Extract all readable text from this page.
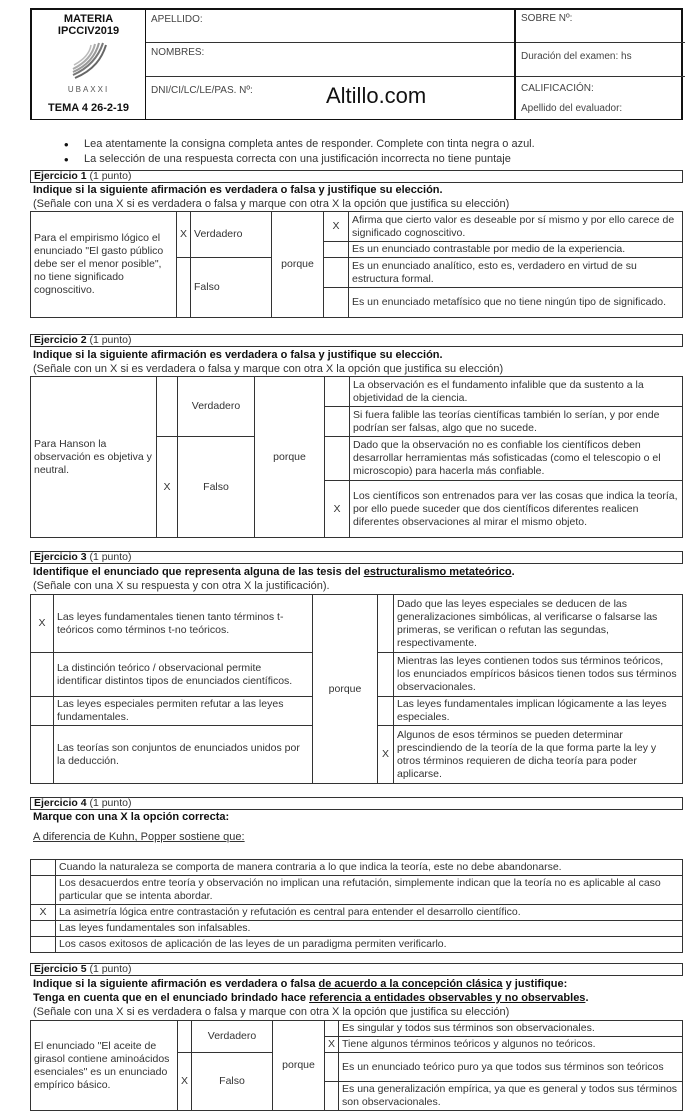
MATERIA
IPCCIV2019
UBAXXI
TEMA 4 26-2-19
APELLIDO:
NOMBRES:
DNI/CI/LC/LE/PAS. Nº:	Altillo.com
SOBRE Nº:
Duración del examen: hs
CALIFICACIÓN:
Apellido del evaluador:
• Lea atentamente la consigna completa antes de responder. Complete con tinta negra o azul.
• La selección de una respuesta correcta con una justificación incorrecta no tiene puntaje
Ejercicio 1 (1 punto)
Indique si la siguiente afirmación es verdadera o falsa y justifique su elección.
(Señale con una X si es verdadera o falsa y marque con otra X la opción que justifica su elección)
Para el empirismo lógico el enunciado "El gasto público debe ser el menor posible", no tiene significado cognoscitivo.	X	Verdadero	porque	X	Afirma que cierto valor es deseable por sí mismo y por ello carece de significado cognoscitivo.
					Es un enunciado contrastable por medio de la experiencia.
		Falso			Es un enunciado analítico, esto es, verdadero en virtud de su estructura formal.
					Es un enunciado metafísico que no tiene ningún tipo de significado.
Ejercicio 2 (1 punto)
Indique si la siguiente afirmación es verdadera o falsa y justifique su elección.
(Señale con un X si es verdadera o falsa y marque con otra X la opción que justifica su elección)
Para Hanson la observación es objetiva y neutral.		Verdadero	porque		La observación es el fundamento infalible que da sustento a la objetividad de la ciencia.
					Si fuera falible las teorías científicas también lo serían, y por ende podrían ser falsas, algo que no sucede.
	X	Falso			Dado que la observación no es confiable los científicos deben desarrollar herramientas más sofisticadas (como el telescopio o el microscopio) para hacerla más confiable.
				X	Los científicos son entrenados para ver las cosas que indica la teoría, por ello puede suceder que dos científicos diferentes realicen diferentes observaciones al mirar el mismo objeto.
Ejercicio 3 (1 punto)
Identifique el enunciado que representa alguna de las tesis del estructuralismo metateórico.
(Señale con una X su respuesta y con otra X la justificación).
X	Las leyes fundamentales tienen tanto términos t-teóricos como términos t-no teóricos.	porque		Dado que las leyes especiales se deducen de las generalizaciones simbólicas, al verificarse o falsarse las primeras, se verifican o refutan las segundas, respectivamente.
	La distinción teórico / observacional permite identificar distintos tipos de enunciados científicos.			Mientras las leyes contienen todos sus términos teóricos, los enunciados empíricos básicos tienen todos sus términos observacionales.
	Las leyes especiales permiten refutar a las leyes fundamentales.			Las leyes fundamentales implican lógicamente a las leyes especiales.
	Las teorías son conjuntos de enunciados unidos por la deducción.		X	Algunos de esos términos se pueden determinar prescindiendo de la teoría de la que forma parte la ley y otros términos requieren de dicha teoría para poder aplicarse.
Ejercicio 4 (1 punto)
Marque con una X la opción correcta:
A diferencia de Kuhn, Popper sostiene que:
	Cuando la naturaleza se comporta de manera contraria a lo que indica la teoría, este no debe abandonarse.
	Los desacuerdos entre teoría y observación no implican una refutación, simplemente indican que la teoría no es aplicable al caso particular que se intenta abordar.
X	La asimetría lógica entre contrastación y refutación es central para entender el desarrollo científico.
	Las leyes fundamentales son infalsables.
	Los casos exitosos de aplicación de las leyes de un paradigma permiten verificarlo.
Ejercicio 5 (1 punto)
Indique si la siguiente afirmación es verdadera o falsa de acuerdo a la concepción clásica y justifique:
Tenga en cuenta que en el enunciado brindado hace referencia a entidades observables y no observables.
(Señale con una X si es verdadera o falsa y marque con otra X la opción que justifica su elección)
El enunciado "El aceite de girasol contiene aminoácidos esenciales" es un enunciado empírico básico.		Verdadero	porque		Es singular y todos sus términos son observacionales.
				X	Tiene algunos términos teóricos y algunos no teóricos.
	X	Falso			Es un enunciado teórico puro ya que todos sus términos son teóricos
					Es una generalización empírica, ya que es general y todos sus términos son observacionales.
